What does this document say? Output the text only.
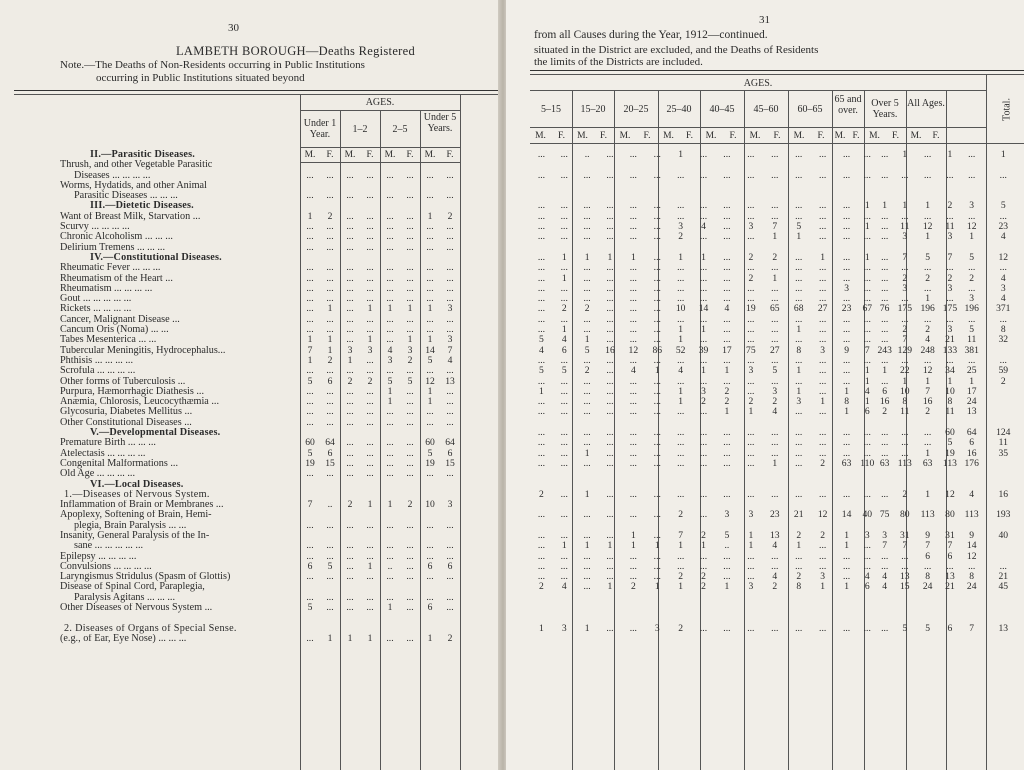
30
LAMBETH BOROUGH—Deaths Registered
Note.—The Deaths of Non-Residents occurring in Public Institutions
occurring in Public Institutions situated beyond
AGES.
Under 1 Year.	1–2	2–5
Under 5 Years.
M.	F.	M.	F.	M.	F.	M.	F.
II.—Parasitic Diseases.								
Thrush, and other Vegetable Parasitic								
Diseases ... ... ... ...	...	...	...	...	...	...	...	...
Worms, Hydatids, and other Animal								
Parasitic Diseases ... ... ...	...	...	...	...	...	...	...	...
III.—Dietetic Diseases.								
Want of Breast Milk, Starvation ...	1	2	...	...	...	...	1	2
Scurvy ... ... ... ...	...	...	...	...	...	...	...	...
Chronic Alcoholism ... ... ...	...	...	...	...	...	...	...	...
Delirium Tremens ... ... ...	...	...	...	...	...	...	...	...
IV.—Constitutional Diseases.								
Rheumatic Fever ... ... ...	...	...	...	...	...	...	...	...
Rheumatism of the Heart ...	...	...	...	...	...	...	...	...
Rheumatism ... ... ... ...	...	...	...	...	...	...	...	...
Gout ... ... ... ... ...	...	...	...	...	...	...	...	...
Rickets ... ... ... ...	...	1	...	1	1	1	1	3
Cancer, Malignant Disease ...	...	...	...	...	...	...	...	...
Cancum Oris (Noma) ... ...	...	...	...	...	...	...	...	...
Tabes Mesenterica ... ...	1	1	...	1	...	1	1	3
Tubercular Meningitis, Hydrocephalus...	7	1	3	3	4	3	14	7
Phthisis ... ... ... ...	1	2	1	...	3	2	5	4
Scrofula ... ... ... ...	...	...	...	...	...	...	...	...
Other forms of Tuberculosis ...	5	6	2	2	5	5	12	13
Purpura, Hæmorrhagic Diathesis ...	...	...	...	...	1	...	1	...
Anæmia, Chlorosis, Leucocythæmia ...	...	...	...	...	1	...	1	...
Glycosuria, Diabetes Mellitus ...	...	...	...	...	...	...	...	...
Other Constitutional Diseases ...	...	...	...	...	...	...	...	...
V.—Developmental Diseases.								
Premature Birth ... ... ...	60	64	...	...	...	...	60	64
Atelectasis ... ... ... ...	5	6	...	...	...	...	5	6
Congenital Malformations ...	19	15	...	...	...	...	19	15
Old Age ... ... ... ...	...	...	...	...	...	...	...	...
VI.—Local Diseases.								
1.—Diseases of Nervous System.								
Inflammation of Brain or Membranes ...	7	..	2	1	1	2	10	3
Apoplexy, Softening of Brain, Hemi-								
plegia, Brain Paralysis ... ...	...	...	...	...	...	...	...	...
Insanity, General Paralysis of the In-								
sane ... ... ... ... ...	...	...	...	...	...	...	...	...
Epilepsy ... ... ... ...	...	...	...	...	...	...	...	...
Convulsions ... ... ... ...	6	5	...	1	..	...	6	6
Laryngismus Stridulus (Spasm of Glottis)	...	...	...	...	...	...	...	...
Disease of Spinal Cord, Paraplegia,								
Paralysis Agitans ... ... ...	...	...	...	...	...	...	...	...
Other Diseases of Nervous System ...	5	...	...	...	1	...	6	...

2. Diseases of Organs of Special Sense.								
(e.g., of Ear, Eye Nose) ... ... ...	...	1	1	1	...	...	1	2
31
from all Causes during the Year, 1912—continued.
situated in the District are excluded, and the Deaths of Residents
the limits of the Districts are included.
AGES.
Total.
5–15	15–20	20–25	25–40	40–45	45–60	60–65
65 and over.
Over 5 Years.
All Ages.
M.	F.	M.	F.	M.	F.	M.	F.	M.	F.	M.	F.	M.	F.	M. F.	M.	F.	M.	F.
...	...	..	...	...	...	1	...	...	...	...	...	...	...	...	...	1	...	1	...	1

...	...	...	...	...	...	...	...	...	...	...	...	...	...	...	...	...	...	...	...	...

...	...	...	...	...	...	...	...	...	...	...	...	...	...	1	1	1	1	2	3	5
...	...	...	...	...	...	...	...	...	...	...	...	...	...	...	...	...	...	...	...	...
...	...	...	...	...	...	3	4	...	3	7	5	...	...	1	...	11	12	11	12	23
...	...	...	...	...	...	2	...	...	...	1	1	...	...	...	...	3	1	3	1	4

...	1	1	1	1	...	1	1	...	2	2	...	1	...	1	...	7	5	7	5	12
...	...	...	...	...	...	...	...	...	...	...	...	...	...	...	...	...	...	...	...	...
...	1	...	...	...	...	...	...	...	2	1	...	...	...	...	...	2	2	2	2	4
...	...	...	...	...	...	...	...	...	...	...	...	...	3	...	...	3	...	3	...	3
...	...	...	...	...	...	...	...	...	...	...	...	...	...	...	...	...	1	...	3	4
...	2	2	...	...	...	10	14	4	19	65	68	27	23	67	76	175	196	175	196	371
...	...	...	...	...	...	...	...	...	...	...	...	...	...	...	...	...	...	...	...	...
...	1	...	...	...	...	1	1	...	...	...	1	...	...	...	...	2	2	3	5	8
5	4	1	...	...	...	1	...	...	...	...	...	...	...	...	...	7	4	21	11	32
4	6	5	16	12	86	52	39	17	75	27	8	3	9	7	243	129	248	133	381	
...	...	...	...	...	...	...	...	...	...	...	...	...	...	...	...	...	...	...	...	...
5	5	2	...	4	1	4	1	1	3	5	1	...	...	1	1	22	12	34	25	59
...	...	...	...	...	...	...	...	...	...	...	...	...	...	1	...	1	1	1	1	2
1	...	...	...	...	...	1	3	2	...	3	1	...	1	4	6	10	7	10	17	
...	...	...	...	...	...	1	2	2	2	2	3	1	8	1	16	8	16	8	24	
...	...	...	...	...	...	...	...	1	1	4	...	...	1	6	2	11	2	11	13	

...	...	...	...	...	...	...	...	...	...	...	...	...	...	...	...	...	...	60	64	124
...	...	...	...	...	...	...	...	...	...	...	...	...	...	...	...	...	...	5	6	11
...	...	1	...	...	...	...	...	...	...	...	...	...	...	...	...	...	1	19	16	35
...	...	...	...	...	...	...	...	...	...	1	...	2	63	110	63	113	63	113	176	

2	...	1	...	...	...	...	...	...	...	...	...	...	...	...	...	2	1	12	4	16

...	...	...	...	...	...	2	...	3	3	23	21	12	14	40	75	80	113	80	113	193

...	...	...	...	1	...	7	2	5	1	13	2	2	1	3	3	31	9	31	9	40
...	1	1	1	1	1	1	1	..	1	4	1	...	1	...	7	7	7	7	14	
...	...	...	...	...	...	...	...	...	...	...	...	...	...	...	...	...	6	6	12	
...	...	...	...	...	...	...	...	...	...	...	...	...	...	...	...	...	...	...	...	...
...	...	...	...	...	...	2	2	...	...	4	2	3	...	4	4	13	8	13	8	21
2	4	...	1	2	1	1	2	1	3	2	8	1	1	6	4	15	24	21	24	45

1	3	1	...	...	3	2	...	...	...	...	...	...	...	...	...	5	5	6	7	13
